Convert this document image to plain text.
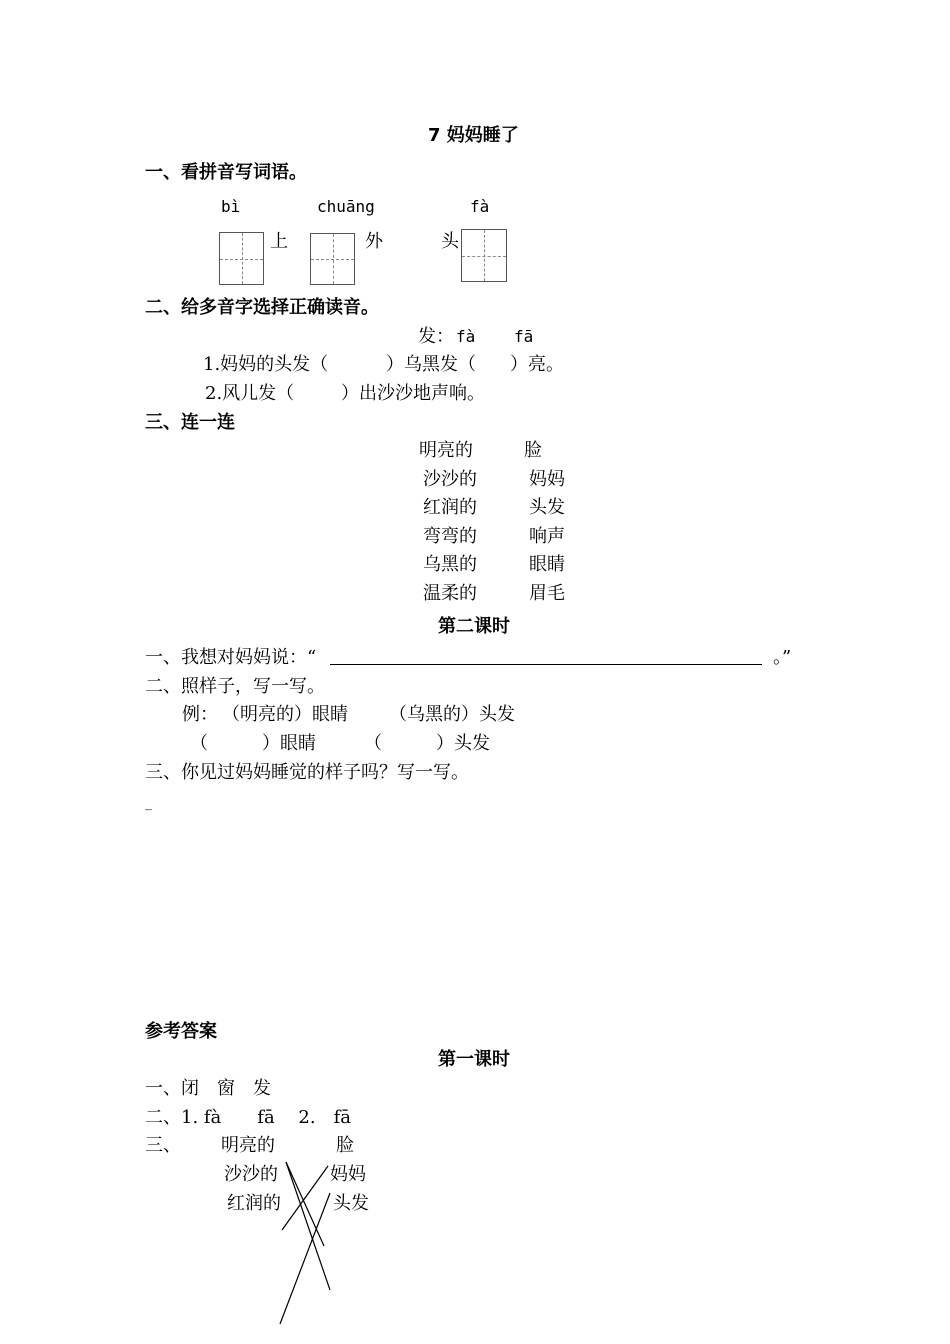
7 妈妈睡了
一、看拼音写词语。
bì	chuāng	fà
上	外	头
二、给多音字选择正确读音。
发： fà fā
1.妈妈的头发（	）乌黑发（ ）亮。
2.风儿发（	）出沙沙地声响。
三、连一连
明亮的	脸
沙沙的	妈妈
红润的	头发
弯弯的	响声
乌黑的	眼睛
温柔的	眉毛
第二课时
一、我想对妈妈说：“	。”
二、照样子，写一写。
例： （明亮的）眼睛 （乌黑的）头发
（　　　）眼睛	（　　　）头发
三、你见过妈妈睡觉的样子吗？写一写。
_
参考答案
第一课时
一、闭　窗　发
二、1. fà　　fā　 2.　fā
三、 明亮的	脸
沙沙的	妈妈
红润的	头发
